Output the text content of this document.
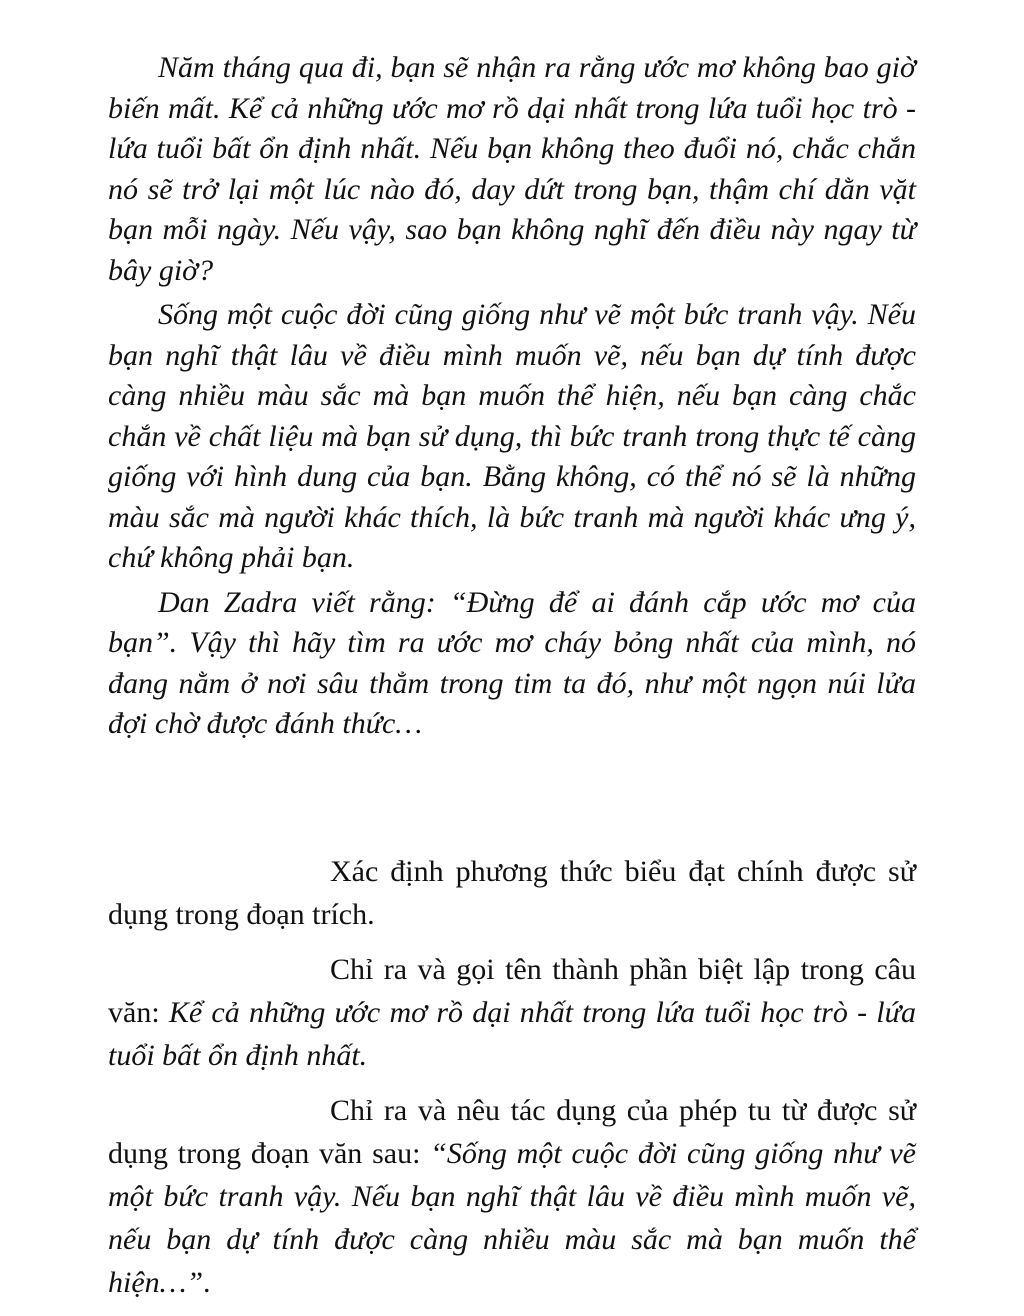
Năm tháng qua đi, bạn sẽ nhận ra rằng ước mơ không bao giờ biến mất. Kể cả những ước mơ rồ dại nhất trong lứa tuổi học trò - lứa tuổi bất ổn định nhất. Nếu bạn không theo đuổi nó, chắc chắn nó sẽ trở lại một lúc nào đó, day dứt trong bạn, thậm chí dằn vặt bạn mỗi ngày. Nếu vậy, sao bạn không nghĩ đến điều này ngay từ bây giờ?

Sống một cuộc đời cũng giống như vẽ một bức tranh vậy. Nếu bạn nghĩ thật lâu về điều mình muốn vẽ, nếu bạn dự tính được càng nhiều màu sắc mà bạn muốn thể hiện, nếu bạn càng chắc chắn về chất liệu mà bạn sử dụng, thì bức tranh trong thực tế càng giống với hình dung của bạn. Bằng không, có thể nó sẽ là những màu sắc mà người khác thích, là bức tranh mà người khác ưng ý, chứ không phải bạn.

Dan Zadra viết rằng: “Đừng để ai đánh cắp ước mơ của bạn”. Vậy thì hãy tìm ra ước mơ cháy bỏng nhất của mình, nó đang nằm ở nơi sâu thẳm trong tim ta đó, như một ngọn núi lửa đợi chờ được đánh thức…

Xác định phương thức biểu đạt chính được sử dụng trong đoạn trích.

Chỉ ra và gọi tên thành phần biệt lập trong câu văn: Kể cả những ước mơ rồ dại nhất trong lứa tuổi học trò - lứa tuổi bất ổn định nhất.

Chỉ ra và nêu tác dụng của phép tu từ được sử dụng trong đoạn văn sau: “Sống một cuộc đời cũng giống như vẽ một bức tranh vậy. Nếu bạn nghĩ thật lâu về điều mình muốn vẽ, nếu bạn dự tính được càng nhiều màu sắc mà bạn muốn thể hiện…”.
